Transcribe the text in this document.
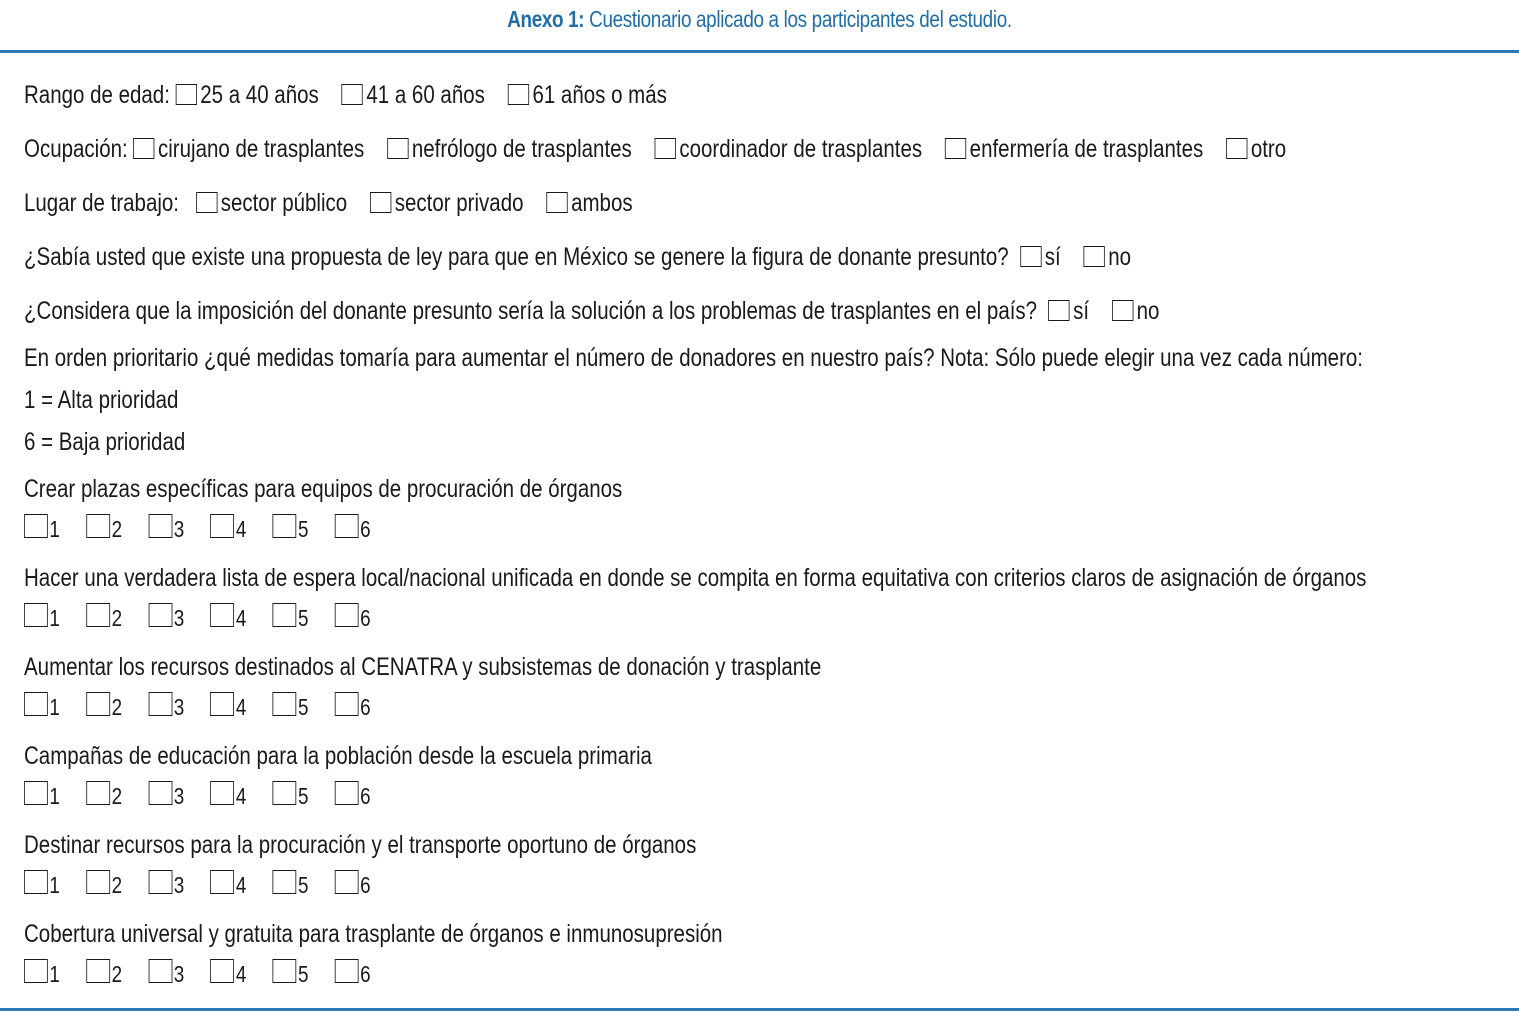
Anexo 1: Cuestionario aplicado a los participantes del estudio.
Rango de edad: 25 a 40 años 41 a 60 años 61 años o más
Ocupación: cirujano de trasplantes nefrólogo de trasplantes coordinador de trasplantes enfermería de trasplantes otro
Lugar de trabajo: sector público sector privado ambos
¿Sabía usted que existe una propuesta de ley para que en México se genere la figura de donante presunto? sí no
¿Considera que la imposición del donante presunto sería la solución a los problemas de trasplantes en el país? sí no
En orden prioritario ¿qué medidas tomaría para aumentar el número de donadores en nuestro país? Nota: Sólo puede elegir una vez cada número:
1 = Alta prioridad
6 = Baja prioridad
Crear plazas específicas para equipos de procuración de órganos
1 2 3 4 5 6
Hacer una verdadera lista de espera local/nacional unificada en donde se compita en forma equitativa con criterios claros de asignación de órganos
1 2 3 4 5 6
Aumentar los recursos destinados al CENATRA y subsistemas de donación y trasplante
1 2 3 4 5 6
Campañas de educación para la población desde la escuela primaria
1 2 3 4 5 6
Destinar recursos para la procuración y el transporte oportuno de órganos
1 2 3 4 5 6
Cobertura universal y gratuita para trasplante de órganos e inmunosupresión
1 2 3 4 5 6
